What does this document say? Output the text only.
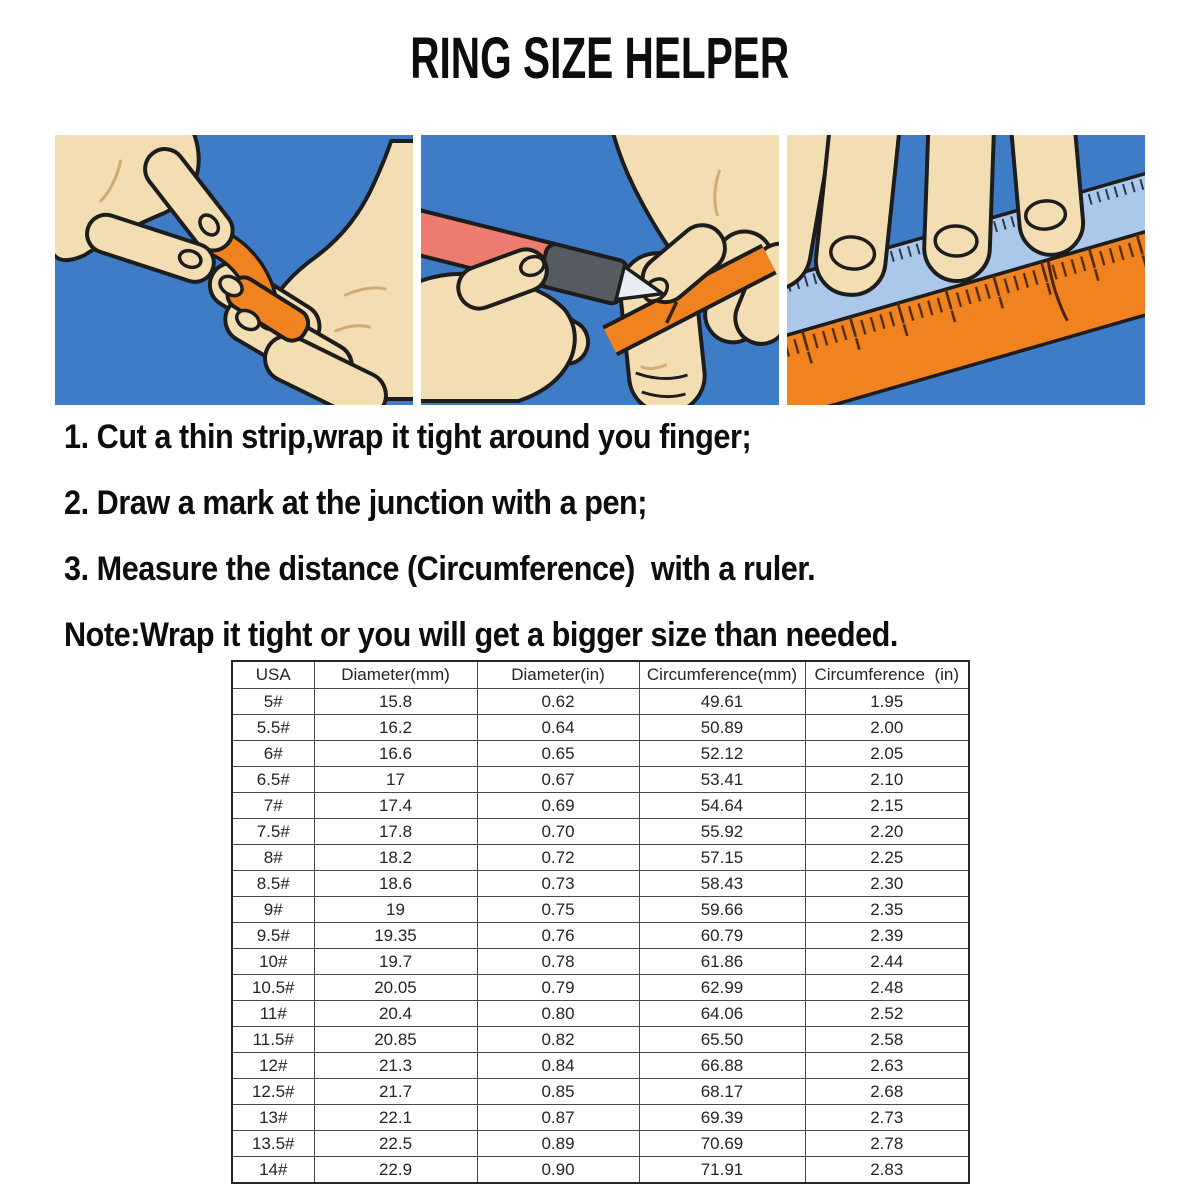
RING SIZE HELPER
1. Cut a thin strip,wrap it tight around you finger;
2. Draw a mark at the junction with a pen;
3. Measure the distance (Circumference)  with a ruler.
Note:Wrap it tight or you will get a bigger size than needed.
USA	Diameter(mm)	Diameter(in)	Circumference(mm)	Circumference  (in)
5#	15.8	0.62	49.61	1.95
5.5#	16.2	0.64	50.89	2.00
6#	16.6	0.65	52.12	2.05
6.5#	17	0.67	53.41	2.10
7#	17.4	0.69	54.64	2.15
7.5#	17.8	0.70	55.92	2.20
8#	18.2	0.72	57.15	2.25
8.5#	18.6	0.73	58.43	2.30
9#	19	0.75	59.66	2.35
9.5#	19.35	0.76	60.79	2.39
10#	19.7	0.78	61.86	2.44
10.5#	20.05	0.79	62.99	2.48
11#	20.4	0.80	64.06	2.52
11.5#	20.85	0.82	65.50	2.58
12#	21.3	0.84	66.88	2.63
12.5#	21.7	0.85	68.17	2.68
13#	22.1	0.87	69.39	2.73
13.5#	22.5	0.89	70.69	2.78
14#	22.9	0.90	71.91	2.83
